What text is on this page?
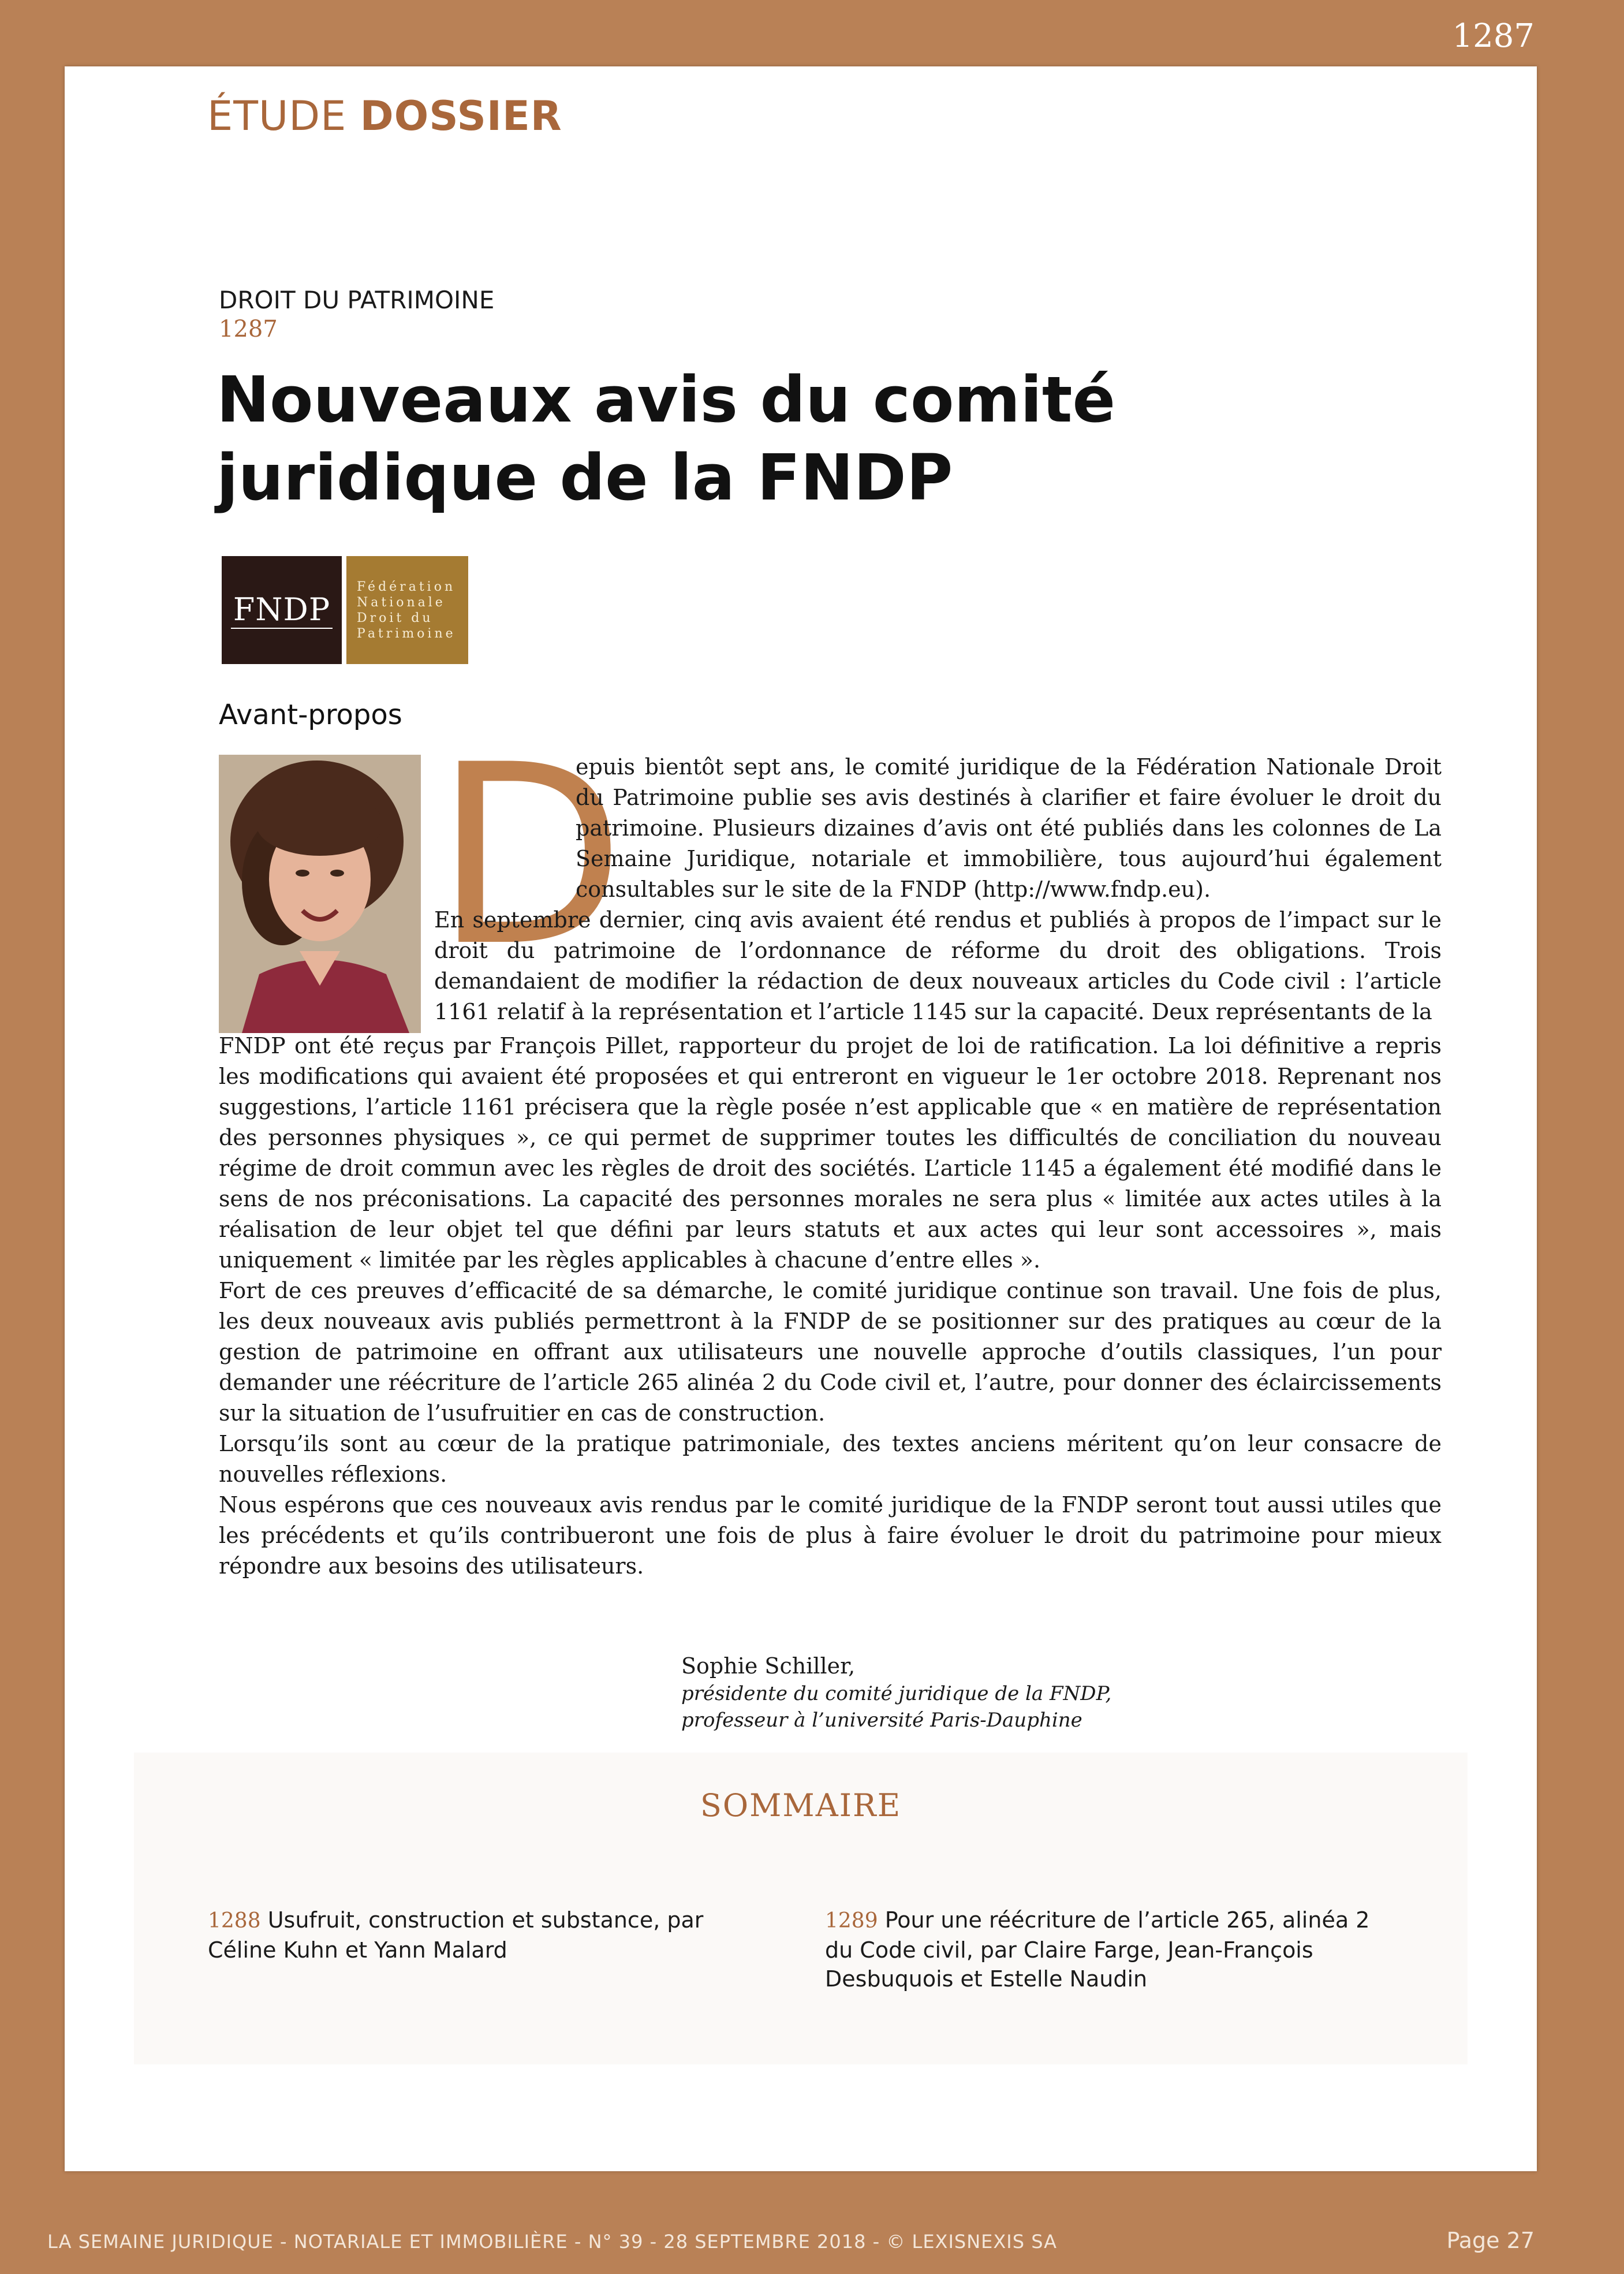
1287
ÉTUDE DOSSIER
DROIT DU PATRIMOINE
1287
Nouveaux avis du comité juridique de la FNDP
FNDP
Fédération
Nationale
Droit du
Patrimoine
Avant-propos D

epuis bientôt sept ans, le comité juridique de la Fédération Nationale Droit du Patrimoine publie ses avis destinés à clarifier et faire évoluer le droit du patrimoine. Plusieurs dizaines d’avis ont été publiés dans les colonnes de La Semaine Juridique, notariale et immobilière, tous aujourd’hui également consultables sur le site de la FNDP (http://www.fndp.eu).

En septembre dernier, cinq avis avaient été rendus et publiés à propos de l’impact sur le droit du patrimoine de l’ordonnance de réforme du droit des obligations. Trois demandaient de modifier la rédaction de deux nouveaux articles du Code civil : l’article 1161 relatif à la représentation et l’article 1145 sur la capacité. Deux représentants de la

FNDP ont été reçus par François Pillet, rapporteur du projet de loi de ratification. La loi définitive a repris les modifications qui avaient été proposées et qui entreront en vigueur le 1er octobre 2018. Reprenant nos suggestions, l’article 1161 précisera que la règle posée n’est applicable que « en matière de représentation des personnes physiques », ce qui permet de supprimer toutes les difficultés de conciliation du nouveau régime de droit commun avec les règles de droit des sociétés. L’article 1145 a également été modifié dans le sens de nos préconisations. La capacité des personnes morales ne sera plus « limitée aux actes utiles à la réalisation de leur objet tel que défini par leurs statuts et aux actes qui leur sont accessoires », mais uniquement « limitée par les règles applicables à chacune d’entre elles ».

Fort de ces preuves d’efficacité de sa démarche, le comité juridique continue son travail. Une fois de plus, les deux nouveaux avis publiés permettront à la FNDP de se positionner sur des pratiques au cœur de la gestion de patrimoine en offrant aux utilisateurs une nouvelle approche d’outils classiques, l’un pour demander une réécriture de l’article 265 alinéa 2 du Code civil et, l’autre, pour donner des éclaircissements sur la situation de l’usufruitier en cas de construction.

Lorsqu’ils sont au cœur de la pratique patrimoniale, des textes anciens méritent qu’on leur consacre de nouvelles réflexions.

Nous espérons que ces nouveaux avis rendus par le comité juridique de la FNDP seront tout aussi utiles que les précédents et qu’ils contribueront une fois de plus à faire évoluer le droit du patrimoine pour mieux répondre aux besoins des utilisateurs.

Sophie Schiller,
présidente du comité juridique de la FNDP,
professeur à l’université Paris-Dauphine
SOMMAIRE
1288 Usufruit, construction et substance, par Céline Kuhn et Yann Malard
1289 Pour une réécriture de l’article 265, alinéa 2 du Code civil, par Claire Farge, Jean-François Desbuquois et Estelle Naudin
LA SEMAINE JURIDIQUE - NOTARIALE ET IMMOBILIÈRE - N° 39 - 28 SEPTEMBRE 2018 - © LEXISNEXIS SA	Page 27
